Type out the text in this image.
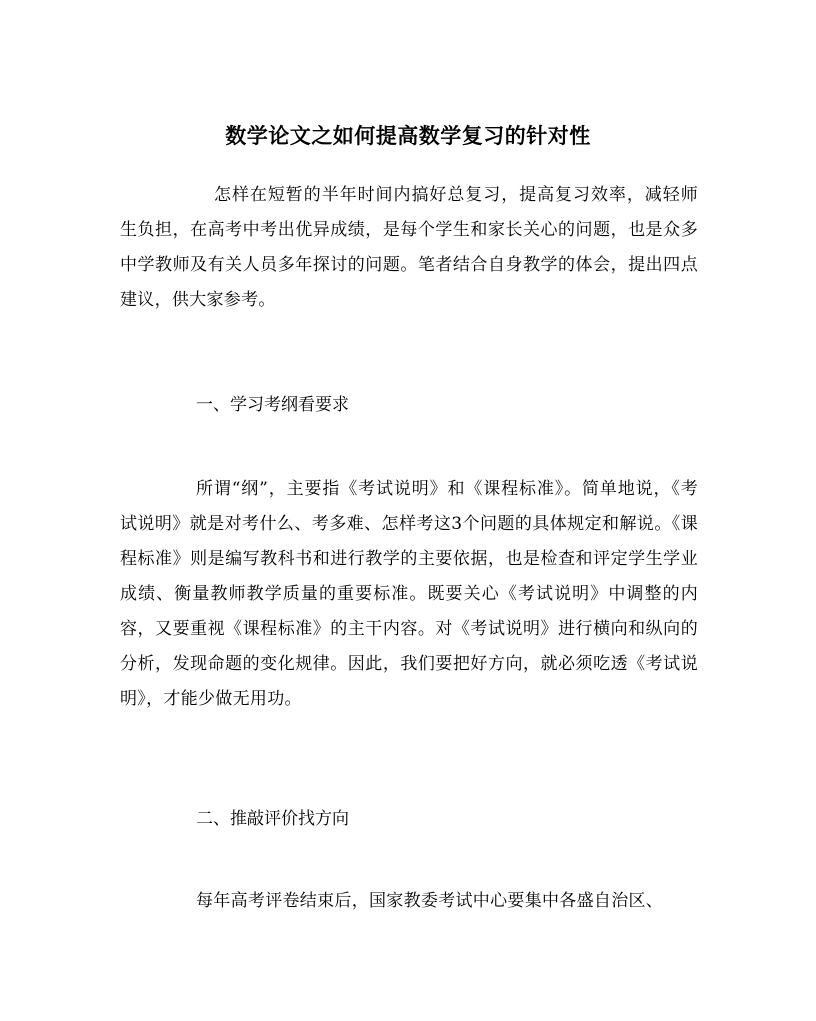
数学论文之如何提高数学复习的针对性

怎样在短暂的半年时间内搞好总复习，提高复习效率，减轻师生负担，在高考中考出优异成绩，是每个学生和家长关心的问题，也是众多中学教师及有关人员多年探讨的问题。笔者结合自身教学的体会，提出四点建议，供大家参考。

一、学习考纲看要求

所谓“纲”，主要指《考试说明》和《课程标准》。简单地说，《考试说明》就是对考什么、考多难、怎样考这3个问题的具体规定和解说。《课程标准》则是编写教科书和进行教学的主要依据，也是检查和评定学生学业成绩、衡量教师教学质量的重要标准。既要关心《考试说明》中调整的内容，又要重视《课程标准》的主干内容。对《考试说明》进行横向和纵向的分析，发现命题的变化规律。因此，我们要把好方向，就必须吃透《考试说明》，才能少做无用功。

二、推敲评价找方向

每年高考评卷结束后，国家教委考试中心要集中各盛自治区、
